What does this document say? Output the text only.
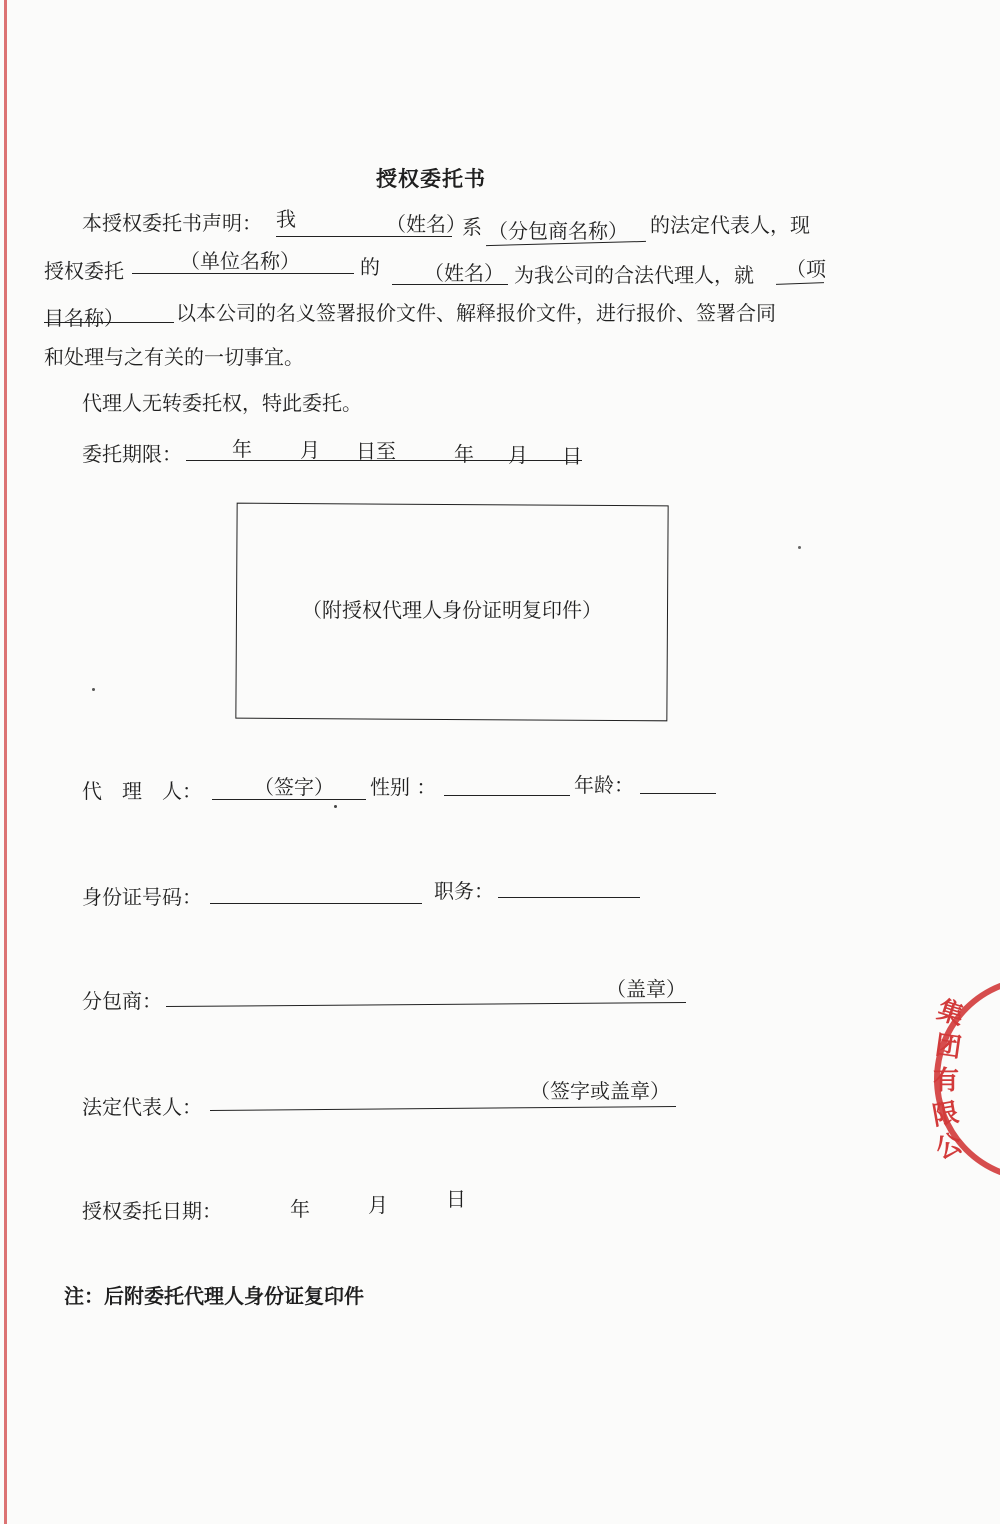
授权委托书
本授权委托书声明： 我	（姓名）
系 （分包商名称） 的法定代表人，现
授权委托	（单位名称）	的 （姓名） 为我公司的合法代理人，就 （项
目名称）	以本公司的名义签署报价文件、解释报价文件，进行报价、签署合同
和处理与之有关的一切事宜。
代理人无转委托权，特此委托。
委托期限：	年 月 日至	年 月 日
（附授权代理人身份证明复印件）
代　理　人：	（签字） 性别 ：	年龄：
身份证号码：	职务：
分包商：	（盖章）
法定代表人：
（签字或盖章）
授权委托日期：	年	月	日
注：后附委托代理人身份证复印件
集
团
有
限
公
